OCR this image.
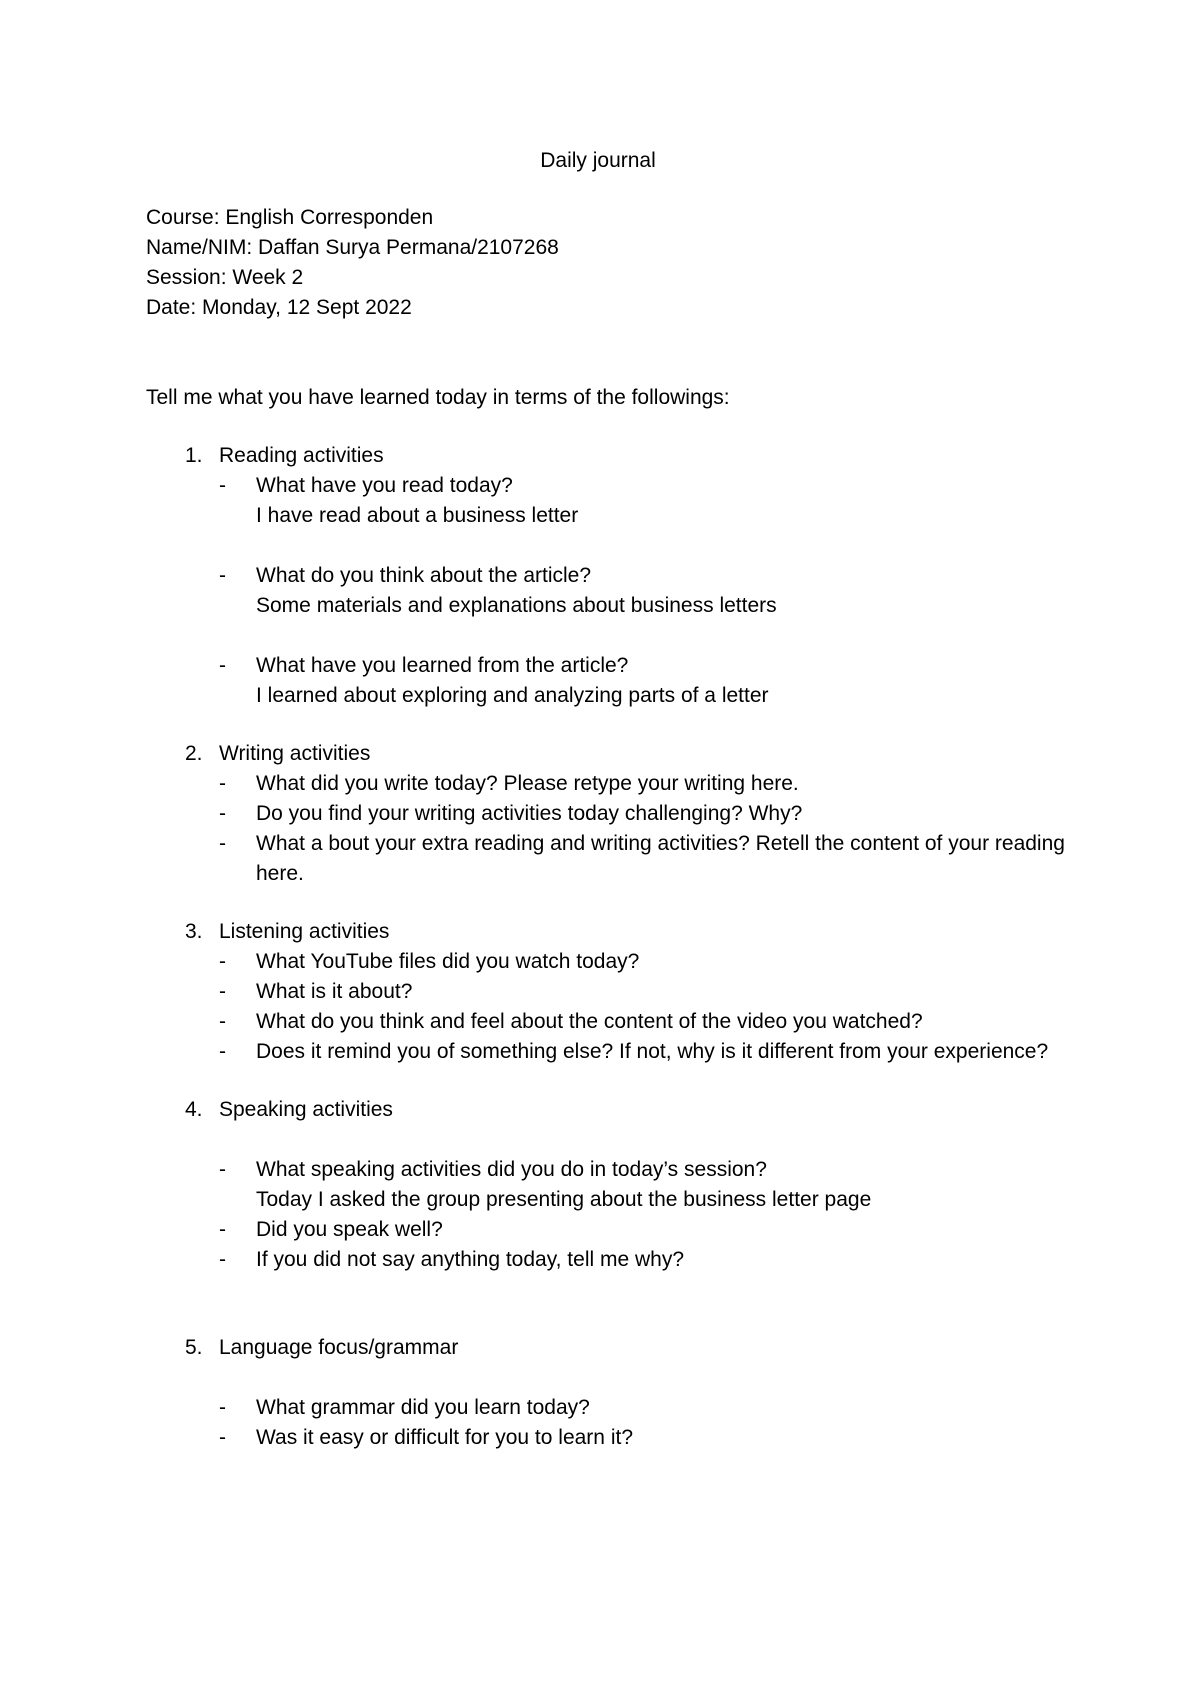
Daily journal
Course: English Corresponden
Name/NIM: Daffan Surya Permana/2107268
Session: Week 2
Date: Monday, 12 Sept 2022
Tell me what you have learned today in terms of the followings:
1. Reading activities
-	What have you read today?
I have read about a business letter
-	What do you think about the article?
Some materials and explanations about business letters
-	What have you learned from the article?
I learned about exploring and analyzing parts of a letter
2. Writing activities
-	What did you write today? Please retype your writing here.
-	Do you find your writing activities today challenging? Why?
-	What a bout your extra reading and writing activities? Retell the content of your reading here.
3. Listening activities
-	What YouTube files did you watch today?
-	What is it about?
-	What do you think and feel about the content of the video you watched?
-	Does it remind you of something else? If not, why is it different from your experience?
4. Speaking activities
-	What speaking activities did you do in today’s session?
Today I asked the group presenting about the business letter page
-	Did you speak well?
-	If you did not say anything today, tell me why?
5. Language focus/grammar
-	What grammar did you learn today?
-	Was it easy or difficult for you to learn it?
